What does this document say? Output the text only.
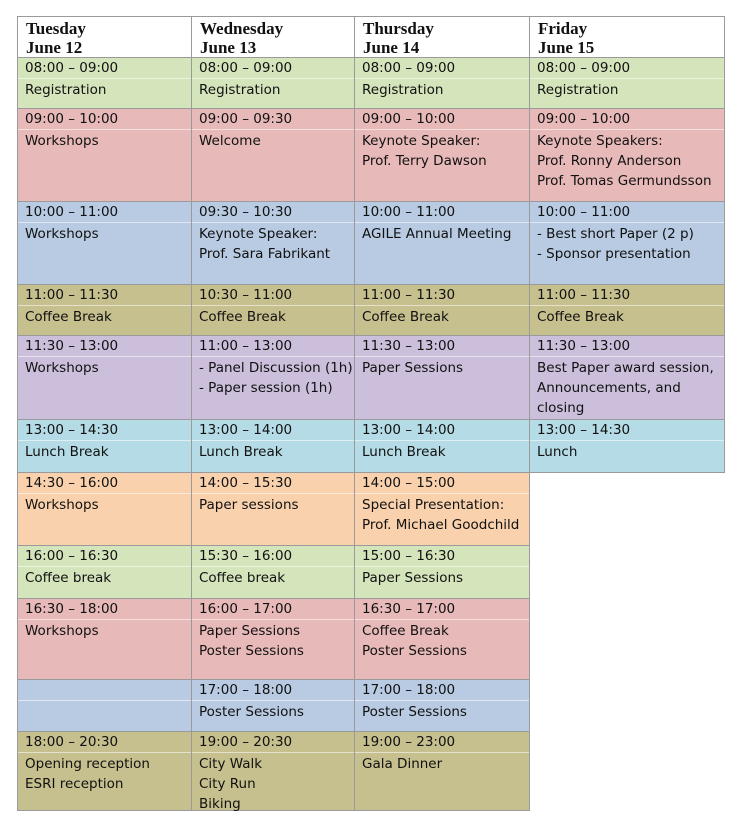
Tuesday
June 12
Wednesday
June 13
Thursday
June 14
Friday
June 15
08:00 – 09:00
Registration
09:00 – 10:00
Workshops
10:00 – 11:00
Workshops
11:00 – 11:30
Coffee Break
11:30 – 13:00
Workshops
13:00 – 14:30
Lunch Break
14:30 – 16:00
Workshops
16:00 – 16:30
Coffee break
16:30 – 18:00
Workshops
18:00 – 20:30
Opening reception
ESRI reception
08:00 – 09:00
Registration
09:00 – 09:30
Welcome
09:30 – 10:30
Keynote Speaker:
Prof. Sara Fabrikant
10:30 – 11:00
Coffee Break
11:00 – 13:00
- Panel Discussion (1h)
- Paper session (1h)
13:00 – 14:00
Lunch Break
14:00 – 15:30
Paper sessions
15:30 – 16:00
Coffee break
16:00 – 17:00
Paper Sessions
Poster Sessions
17:00 – 18:00
Poster Sessions
19:00 – 20:30
City Walk
City Run
Biking
08:00 – 09:00
Registration
09:00 – 10:00
Keynote Speaker:
Prof. Terry Dawson
10:00 – 11:00
AGILE Annual Meeting
11:00 – 11:30
Coffee Break
11:30 – 13:00
Paper Sessions
13:00 – 14:00
Lunch Break
14:00 – 15:00
Special Presentation:
Prof. Michael Goodchild
15:00 – 16:30
Paper Sessions
16:30 – 17:00
Coffee Break
Poster Sessions
17:00 – 18:00
Poster Sessions
19:00 – 23:00
Gala Dinner
08:00 – 09:00
Registration
09:00 – 10:00
Keynote Speakers:
Prof. Ronny Anderson
Prof. Tomas Germundsson
10:00 – 11:00
- Best short Paper (2 p)
- Sponsor presentation
11:00 – 11:30
Coffee Break
11:30 – 13:00
Best Paper award session,
Announcements, and
closing
13:00 – 14:30
Lunch
